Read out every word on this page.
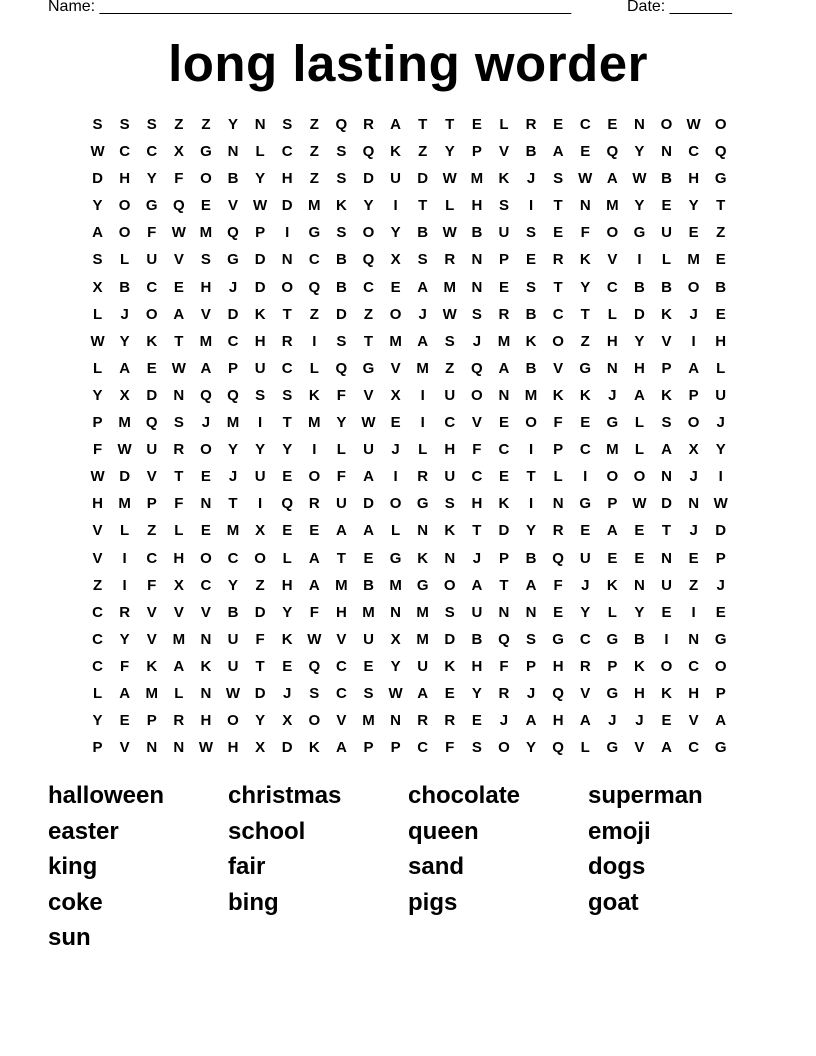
Name: _____________________________________________________	Date: _______
long lasting worder
S	S	S	Z	Z	Y	N	S	Z	Q	R	A	T	T	E	L	R	E	C	E	N	O W O
W C	C	X	G	N	L	C	Z	S	Q	K	Z	Y	P	V	B	A	E	Q	Y	N	C	Q
D	H	Y	F	O	B	Y	H	Z	S	D	U	D W M	K	J	S	W A W B	H	G
Y	O	G	Q	E	V	W D	M	K	Y	I	T	L	H	S	I	T	N	M	Y	E	Y	T
A	O	F	W M	Q	P	I	G	S	O	Y	B W B	U	S	E	F	O	G	U	E	Z
S	L	U	V	S	G	D	N	C	B	Q	X	S	R	N	P	E	R	K	V	I	L	M	E
X	B	C	E	H	J	D	O	Q	B	C	E	A	M	N	E	S	T	Y	C	B	B	O	B
L	J	O	A	V	D	K	T	Z	D	Z	O	J	W	S	R	B	C	T	L	D	K	J	E
W	Y	K	T	M	C	H	R	I	S	T	M	A	S	J	M	K	O	Z	H	Y	V	I	H
L	A	E	W A	P	U	C	L	Q	G	V	M	Z	Q	A	B	V	G	N	H	P	A	L
Y	X	D	N	Q	Q	S	S	K	F	V	X	I	U	O	N	M	K	K	J	A	K	P	U
P	M	Q	S	J	M	I	T	M	Y	W	E	I	C	V	E	O	F	E	G	L	S	O	J
F	W U	R	O	Y	Y	Y	I	L	U	J	L	H	F	C	I	P	C	M	L	A	X	Y
W D	V	T	E	J	U	E	O	F	A	I	R	U	C	E	T	L	I	O	O	N	J	I
H	M	P	F	N	T	I	Q	R	U	D	O	G	S	H	K	I	N	G	P	W D	N W
V	L	Z	L	E	M	X	E	E	A	A	L	N	K	T	D	Y	R	E	A	E	T	J	D
V	I	C	H	O	C	O	L	A	T	E	G	K	N	J	P	B	Q	U	E	E	N	E	P
Z	I	F	X	C	Y	Z	H	A	M	B	M	G	O	A	T	A	F	J	K	N	U	Z	J
C	R	V	V	V	B	D	Y	F	H	M	N	M	S	U	N	N	E	Y	L	Y	E	I	E
C	Y	V	M	N	U	F	K W	V	U	X	M	D	B	Q	S	G	C	G	B	I	N	G
C	F	K	A	K	U	T	E	Q	C	E	Y	U	K	H	F	P	H	R	P	K	O	C	O
L	A	M	L	N W D	J	S	C	S	W A	E	Y	R	J	Q	V	G	H	K	H	P
Y	E	P	R	H	O	Y	X	O	V	M	N	R	R	E	J	A	H	A	J	J	E	V	A
P	V	N	N W H	X	D	K	A	P	P	C	F	S	O	Y	Q	L	G	V	A	C	G
halloween	christmas	chocolate	superman
easter	school	queen	emoji
king	fair	sand	dogs
coke	bing	pigs	goat
sun
